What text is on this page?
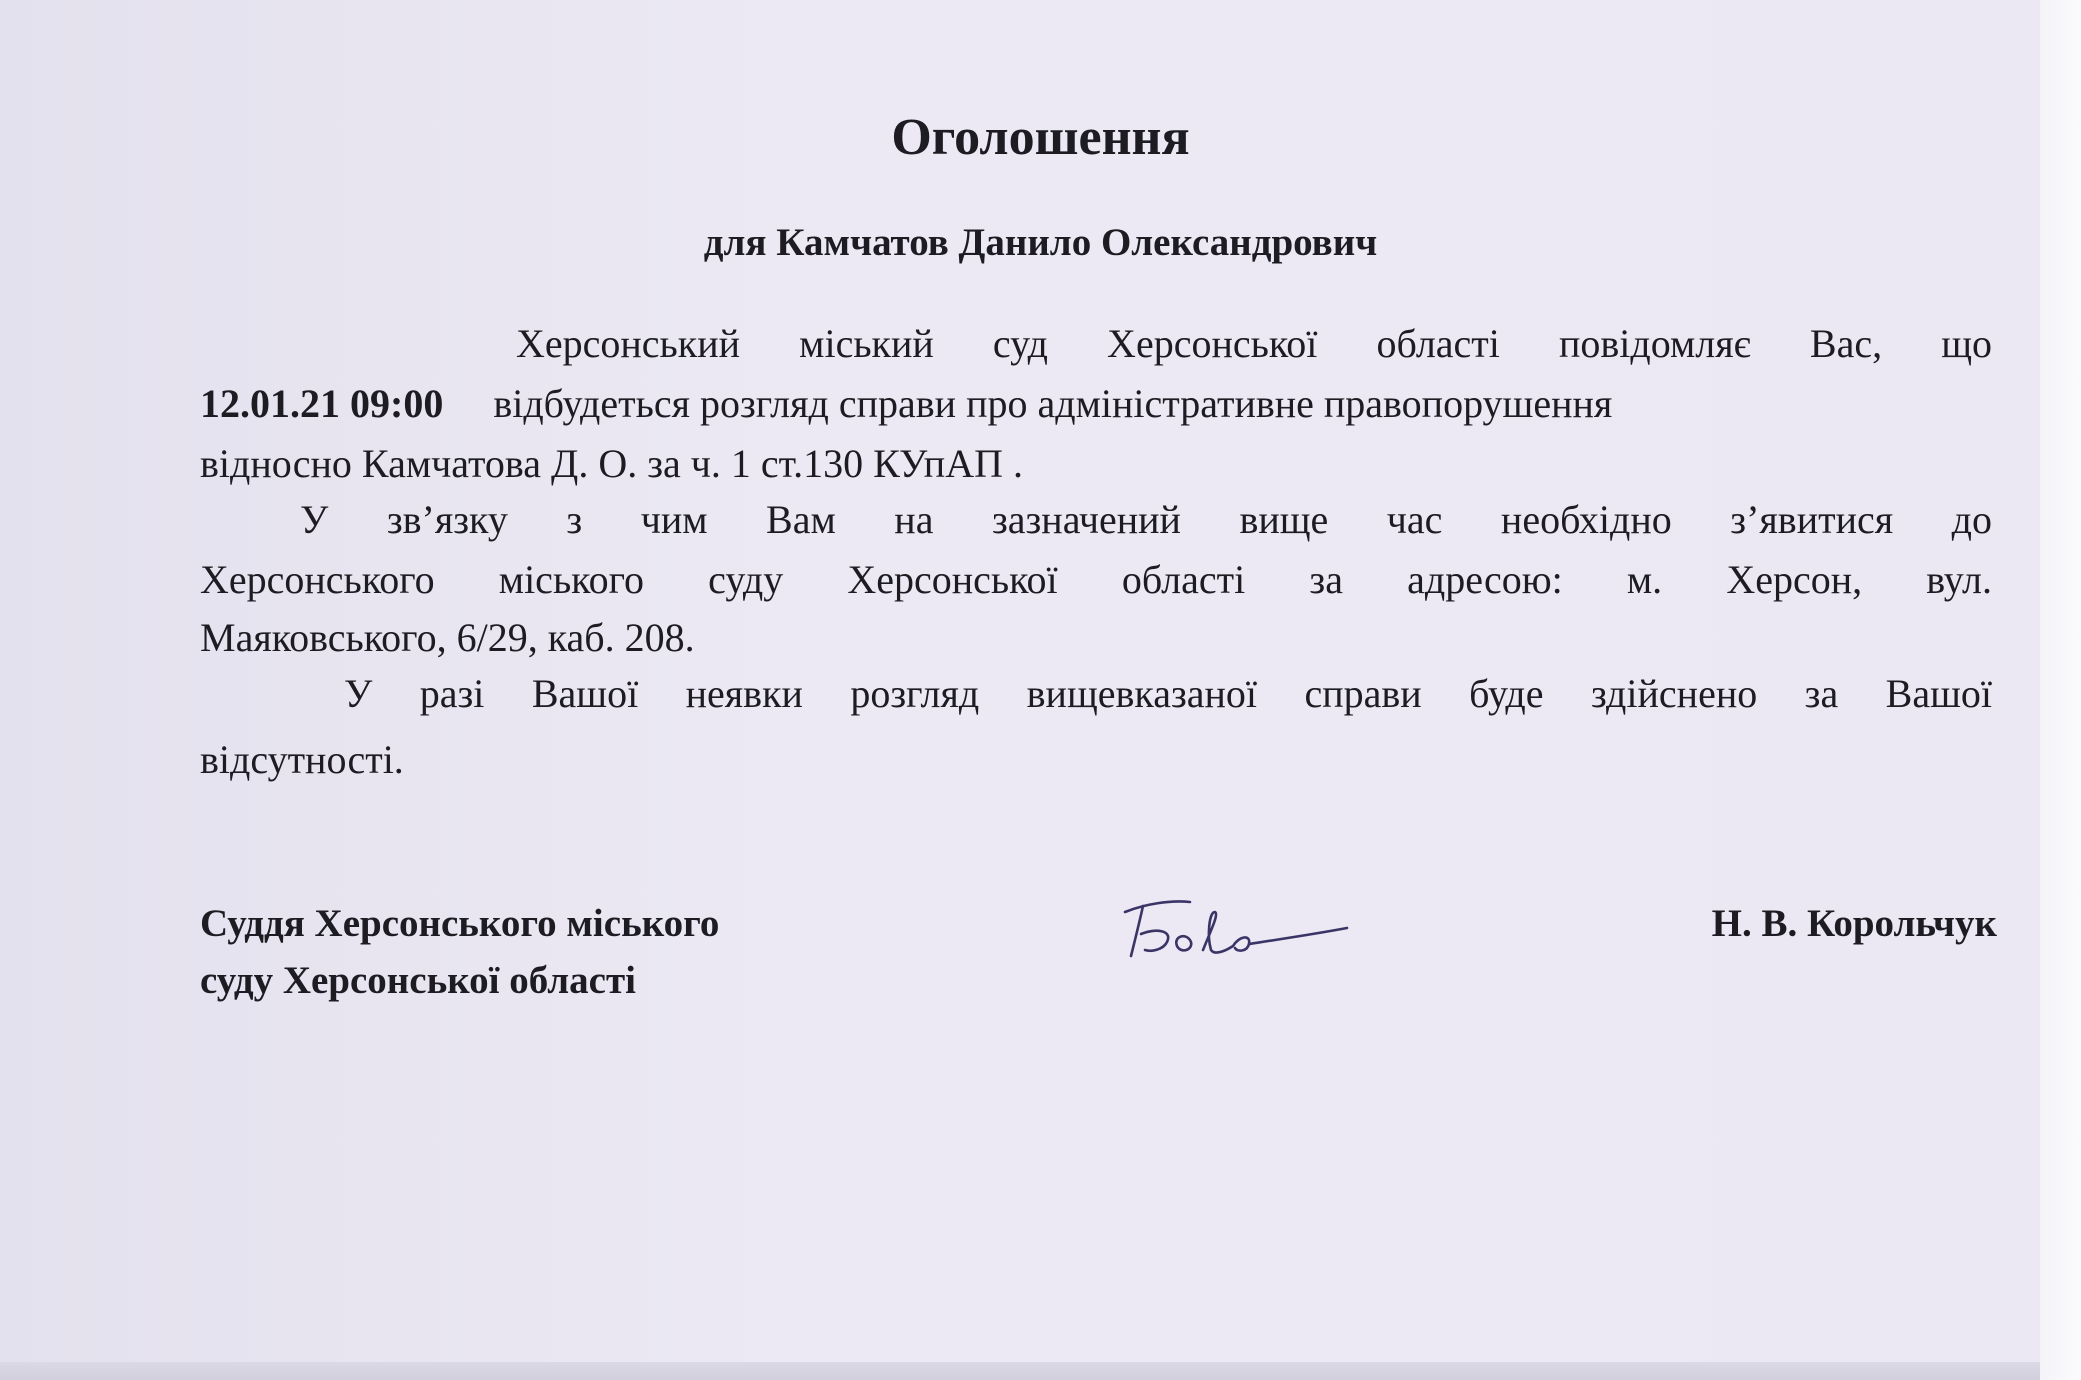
Оголошення
для Камчатов Данило Олександрович
Херсонський міський суд Херсонської області повідомляє Вас, що
12.01.21 09:00 відбудеться розгляд справи про адміністративне правопорушення
відносно Камчатова Д. О. за ч. 1 ст.130 КУпАП .
У зв’язку з чим Вам на зазначений вище час необхідно з’явитися до
Херсонського міського суду Херсонської області за адресою: м. Херсон, вул.
Маяковського, 6/29, каб. 208.
У разі Вашої неявки розгляд вищевказаної справи буде здійснено за Вашої
відсутності.
Суддя Херсонського міського
суду Херсонської області
Н. В. Корольчук
